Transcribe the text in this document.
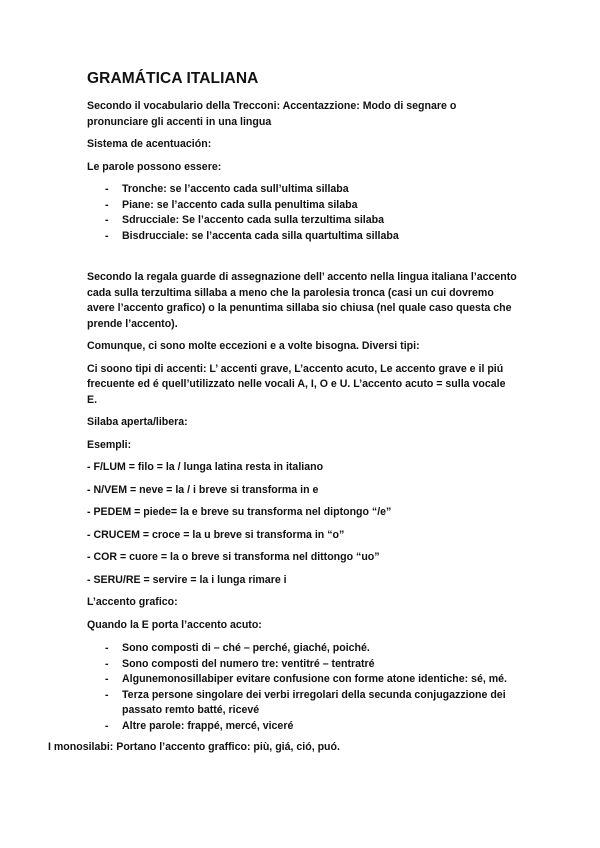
GRAMÁTICA ITALIANA

Secondo il vocabulario della Trecconi: Accentazzione: Modo di segnare o pronunciare gli accenti in una lingua

Sistema de acentuación:

Le parole possono essere:

- Tronche: se l’accento cada sull’ultima sillaba
- Piane: se l’accento cada sulla penultima silaba
- Sdrucciale: Se l’accento cada sulla terzultima silaba
- Bisdrucciale: se l’accenta cada silla quartultima sillaba

Secondo la regala guarde di assegnazione dell’ accento nella lingua italiana l’accento cada sulla terzultima sillaba a meno che la parolesia tronca (casi un cui dovremo avere l’accento grafico) o la penuntima sillaba sio chiusa (nel quale caso questa che prende l’accento).

Comunque, ci sono molte eccezioni e a volte bisogna. Diversi tipi:

Ci soono tipi di accenti: L’ accenti grave, L’accento acuto, Le accento grave e il piú frecuente ed é quell’utilizzato nelle vocali A, I, O e U. L’accento acuto = sulla vocale E.

Silaba aperta/libera:

Esempli:

- F/LUM = filo = la / lunga latina resta in italiano

- N/VEM = neve = la / i breve si transforma in e

- PEDEM = piede= la e breve su transforma nel diptongo “/e”

- CRUCEM = croce = la u breve si transforma in “o”

- COR = cuore = la o breve si transforma nel dittongo “uo”

- SERU/RE = servire = la i lunga rimare i

L’accento grafico:

Quando la E porta l’accento acuto:

- Sono composti di – ché – perché, giaché, poiché.
- Sono composti del numero tre: ventitré – tentratré
- Algunemonosillabiper evitare confusione con forme atone identiche: sé, mé.
- Terza persone singolare dei verbi irregolari della secunda conjugazzione dei passato remto batté, ricevé
- Altre parole: frappé, mercé, viceré

I monosilabi: Portano l’accento graffico: più, giá, ció, puó.
